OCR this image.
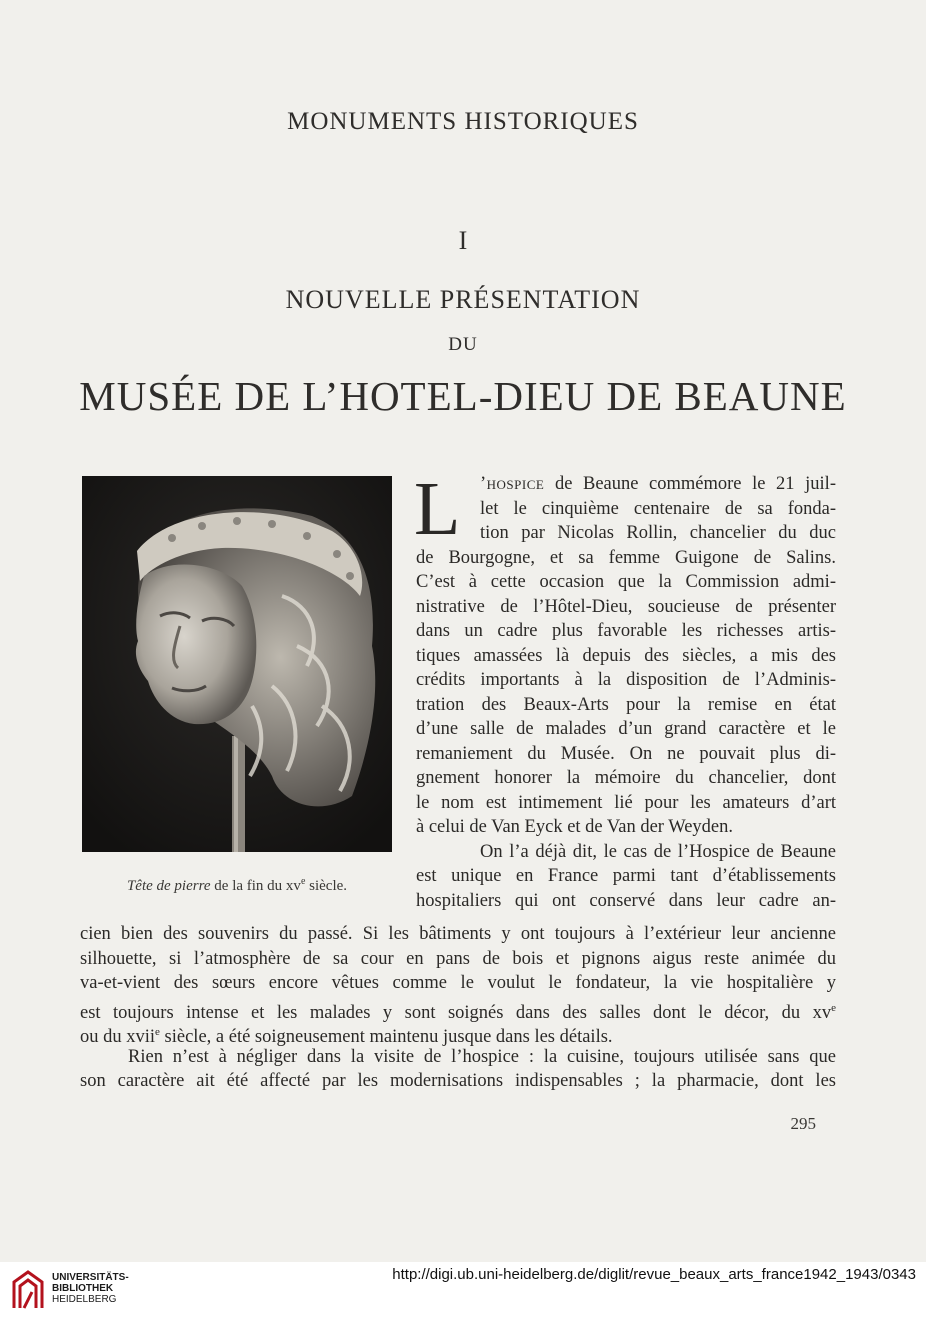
MONUMENTS HISTORIQUES
I
NOUVELLE PRÉSENTATION
DU
MUSÉE DE L’HOTEL-DIEU DE BEAUNE
Tête de pierre de la fin du $xv^e$ siècle.
L ’hospice de Beaune commémore le 21 juil-
let le cinquième centenaire de sa fonda-
tion par Nicolas Rollin, chancelier du duc
de Bourgogne, et sa femme Guigone de Salins.
C’est à cette occasion que la Commission admi-
nistrative de l’Hôtel-Dieu, soucieuse de présenter
dans un cadre plus favorable les richesses artis-
tiques amassées là depuis des siècles, a mis des
crédits importants à la disposition de l’Adminis-
tration des Beaux-Arts pour la remise en état
d’une salle de malades d’un grand caractère et le
remaniement du Musée. On ne pouvait plus di-
gnement honorer la mémoire du chancelier, dont
le nom est intimement lié pour les amateurs d’art
à celui de Van Eyck et de Van der Weyden.
On l’a déjà dit, le cas de l’Hospice de Beaune
est unique en France parmi tant d’établissements
hospitaliers qui ont conservé dans leur cadre an-
cien bien des souvenirs du passé. Si les bâtiments y ont toujours à l’extérieur leur ancienne
silhouette, si l’atmosphère de sa cour en pans de bois et pignons aigus reste animée du
va-et-vient des sœurs encore vêtues comme le voulut le fondateur, la vie hospitalière y
est toujours intense et les malades y sont soignés dans des salles dont le décor, du $xv^e$
ou du xvii$^e$ siècle, a été soigneusement maintenu jusque dans les détails.
Rien n’est à négliger dans la visite de l’hospice : la cuisine, toujours utilisée sans que
son caractère ait été affecté par les modernisations indispensables ; la pharmacie, dont les
295
UNIVERSITÄTS-
BIBLIOTHEK
HEIDELBERG
http://digi.ub.uni-heidelberg.de/diglit/revue_beaux_arts_france1942_1943/0343
